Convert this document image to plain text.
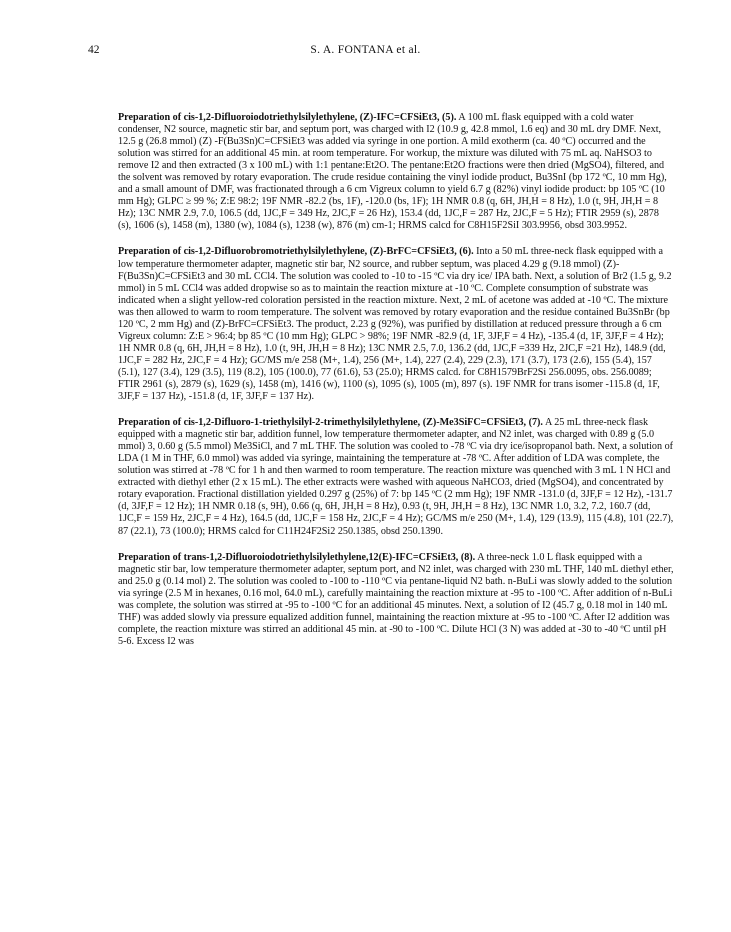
42	S. A. FONTANA et al.

Preparation of cis-1,2-Difluoroiodotriethylsilylethylene, (Z)-IFC=CFSiEt3, (5). A 100 mL flask equipped with a cold water condenser, N2 source, magnetic stir bar, and septum port, was charged with I2 (10.9 g, 42.8 mmol, 1.6 eq) and 30 mL dry DMF. Next, 12.5 g (26.8 mmol) (Z) -F(Bu3Sn)C=CFSiEt3 was added via syringe in one portion. A mild exotherm (ca. 40 ºC) occurred and the solution was stirred for an additional 45 min. at room temperature. For workup, the mixture was diluted with 75 mL aq. NaHSO3 to remove I2 and then extracted (3 x 100 mL) with 1:1 pentane:Et2O. The pentane:Et2O fractions were then dried (MgSO4), filtered, and the solvent was removed by rotary evaporation. The crude residue containing the vinyl iodide product, Bu3SnI (bp 172 ºC, 10 mm Hg), and a small amount of DMF, was fractionated through a 6 cm Vigreux column to yield 6.7 g (82%) vinyl iodide product: bp 105 ºC (10 mm Hg); GLPC ≥ 99 %; Z:E 98:2; 19F NMR -82.2 (bs, 1F), -120.0 (bs, 1F); 1H NMR 0.8 (q, 6H, JH,H = 8 Hz), 1.0 (t, 9H, JH,H = 8 Hz); 13C NMR 2.9, 7.0, 106.5 (dd, 1JC,F = 349 Hz, 2JC,F = 26 Hz), 153.4 (dd, 1JC,F = 287 Hz, 2JC,F = 5 Hz); FTIR 2959 (s), 2878 (s), 1606 (s), 1458 (m), 1380 (w), 1084 (s), 1238 (w), 876 (m) cm-1; HRMS calcd for C8H15F2SiI 303.9956, obsd 303.9952.

Preparation of cis-1,2-Difluorobromotriethylsilylethylene, (Z)-BrFC=CFSiEt3, (6). Into a 50 mL three-neck flask equipped with a low temperature thermometer adapter, magnetic stir bar, N2 source, and rubber septum, was placed 4.29 g (9.18 mmol) (Z)-F(Bu3Sn)C=CFSiEt3 and 30 mL CCl4. The solution was cooled to -10 to -15 ºC via dry ice/ IPA bath. Next, a solution of Br2 (1.5 g, 9.2 mmol) in 5 mL CCl4 was added dropwise so as to maintain the reaction mixture at -10 ºC. Complete consumption of substrate was indicated when a slight yellow-red coloration persisted in the reaction mixture. Next, 2 mL of acetone was added at -10 ºC. The mixture was then allowed to warm to room temperature. The solvent was removed by rotary evaporation and the residue contained Bu3SnBr (bp 120 ºC, 2 mm Hg) and (Z)-BrFC=CFSiEt3. The product, 2.23 g (92%), was purified by distillation at reduced pressure through a 6 cm Vigreux column: Z:E > 96:4; bp 85 ºC (10 mm Hg); GLPC > 98%; 19F NMR -82.9 (d, 1F, 3JF,F = 4 Hz), -135.4 (d, 1F, 3JF,F = 4 Hz); 1H NMR 0.8 (q, 6H, JH,H = 8 Hz), 1.0 (t, 9H, JH,H = 8 Hz); 13C NMR 2.5, 7.0, 136.2 (dd, 1JC,F =339 Hz, 2JC,F =21 Hz), 148.9 (dd, 1JC,F = 282 Hz, 2JC,F = 4 Hz); GC/MS m/e 258 (M+, 1.4), 256 (M+, 1.4), 227 (2.4), 229 (2.3), 171 (3.7), 173 (2.6), 155 (5.4), 157 (5.1), 127 (3.4), 129 (3.5), 119 (8.2), 105 (100.0), 77 (61.6), 53 (25.0); HRMS calcd. for C8H1579BrF2Si 256.0095, obs. 256.0089; FTIR 2961 (s), 2879 (s), 1629 (s), 1458 (m), 1416 (w), 1100 (s), 1095 (s), 1005 (m), 897 (s). 19F NMR for trans isomer -115.8 (d, 1F, 3JF,F = 137 Hz), -151.8 (d, 1F, 3JF,F = 137 Hz).

Preparation of cis-1,2-Difluoro-1-triethylsilyl-2-trimethylsilylethylene, (Z)-Me3SiFC=CFSiEt3, (7). A 25 mL three-neck flask equipped with a magnetic stir bar, addition funnel, low temperature thermometer adapter, and N2 inlet, was charged with 0.89 g (5.0 mmol) 3, 0.60 g (5.5 mmol) Me3SiCl, and 7 mL THF. The solution was cooled to -78 ºC via dry ice/isopropanol bath. Next, a solution of LDA (1 M in THF, 6.0 mmol) was added via syringe, maintaining the temperature at -78 ºC. After addition of LDA was complete, the solution was stirred at -78 ºC for 1 h and then warmed to room temperature. The reaction mixture was quenched with 3 mL 1 N HCl and extracted with diethyl ether (2 x 15 mL). The ether extracts were washed with aqueous NaHCO3, dried (MgSO4), and concentrated by rotary evaporation. Fractional distillation yielded 0.297 g (25%) of 7: bp 145 ºC (2 mm Hg); 19F NMR -131.0 (d, 3JF,F = 12 Hz), -131.7 (d, 3JF,F = 12 Hz); 1H NMR 0.18 (s, 9H), 0.66 (q, 6H, JH,H = 8 Hz), 0.93 (t, 9H, JH,H = 8 Hz), 13C NMR 1.0, 3.2, 7.2, 160.7 (dd, 1JC,F = 159 Hz, 2JC,F = 4 Hz), 164.5 (dd, 1JC,F = 158 Hz, 2JC,F = 4 Hz); GC/MS m/e 250 (M+, 1.4), 129 (13.9), 115 (4.8), 101 (22.7), 87 (22.1), 73 (100.0); HRMS calcd for C11H24F2Si2 250.1385, obsd 250.1390.

Preparation of trans-1,2-Difluoroiodotriethylsilylethylene,12(E)-IFC=CFSiEt3, (8). A three-neck 1.0 L flask equipped with a magnetic stir bar, low temperature thermometer adapter, septum port, and N2 inlet, was charged with 230 mL THF, 140 mL diethyl ether, and 25.0 g (0.14 mol) 2. The solution was cooled to -100 to -110 ºC via pentane-liquid N2 bath. n-BuLi was slowly added to the solution via syringe (2.5 M in hexanes, 0.16 mol, 64.0 mL), carefully maintaining the reaction mixture at -95 to -100 ºC. After addition of n-BuLi was complete, the solution was stirred at -95 to -100 ºC for an additional 45 minutes. Next, a solution of I2 (45.7 g, 0.18 mol in 140 mL THF) was added slowly via pressure equalized addition funnel, maintaining the reaction mixture at -95 to -100 ºC. After I2 addition was complete, the reaction mixture was stirred an additional 45 min. at -90 to -100 ºC. Dilute HCl (3 N) was added at -30 to -40 ºC until pH 5-6. Excess I2 was
